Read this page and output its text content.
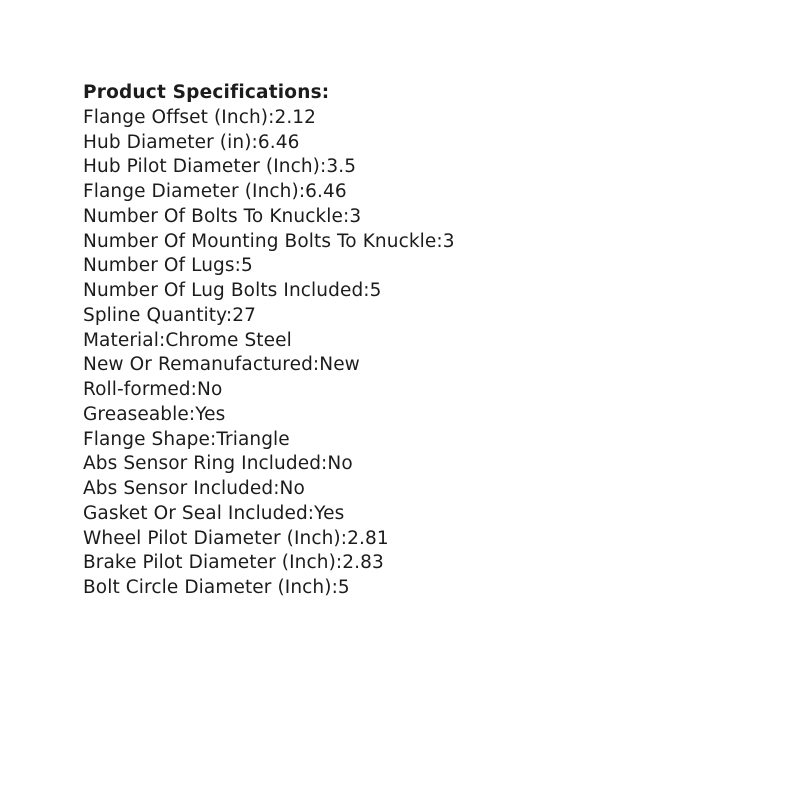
Product Specifications:
Flange Offset (Inch):2.12
Hub Diameter (in):6.46
Hub Pilot Diameter (Inch):3.5
Flange Diameter (Inch):6.46
Number Of Bolts To Knuckle:3
Number Of Mounting Bolts To Knuckle:3
Number Of Lugs:5
Number Of Lug Bolts Included:5
Spline Quantity:27
Material:Chrome Steel
New Or Remanufactured:New
Roll-formed:No
Greaseable:Yes
Flange Shape:Triangle
Abs Sensor Ring Included:No
Abs Sensor Included:No
Gasket Or Seal Included:Yes
Wheel Pilot Diameter (Inch):2.81
Brake Pilot Diameter (Inch):2.83
Bolt Circle Diameter (Inch):5
